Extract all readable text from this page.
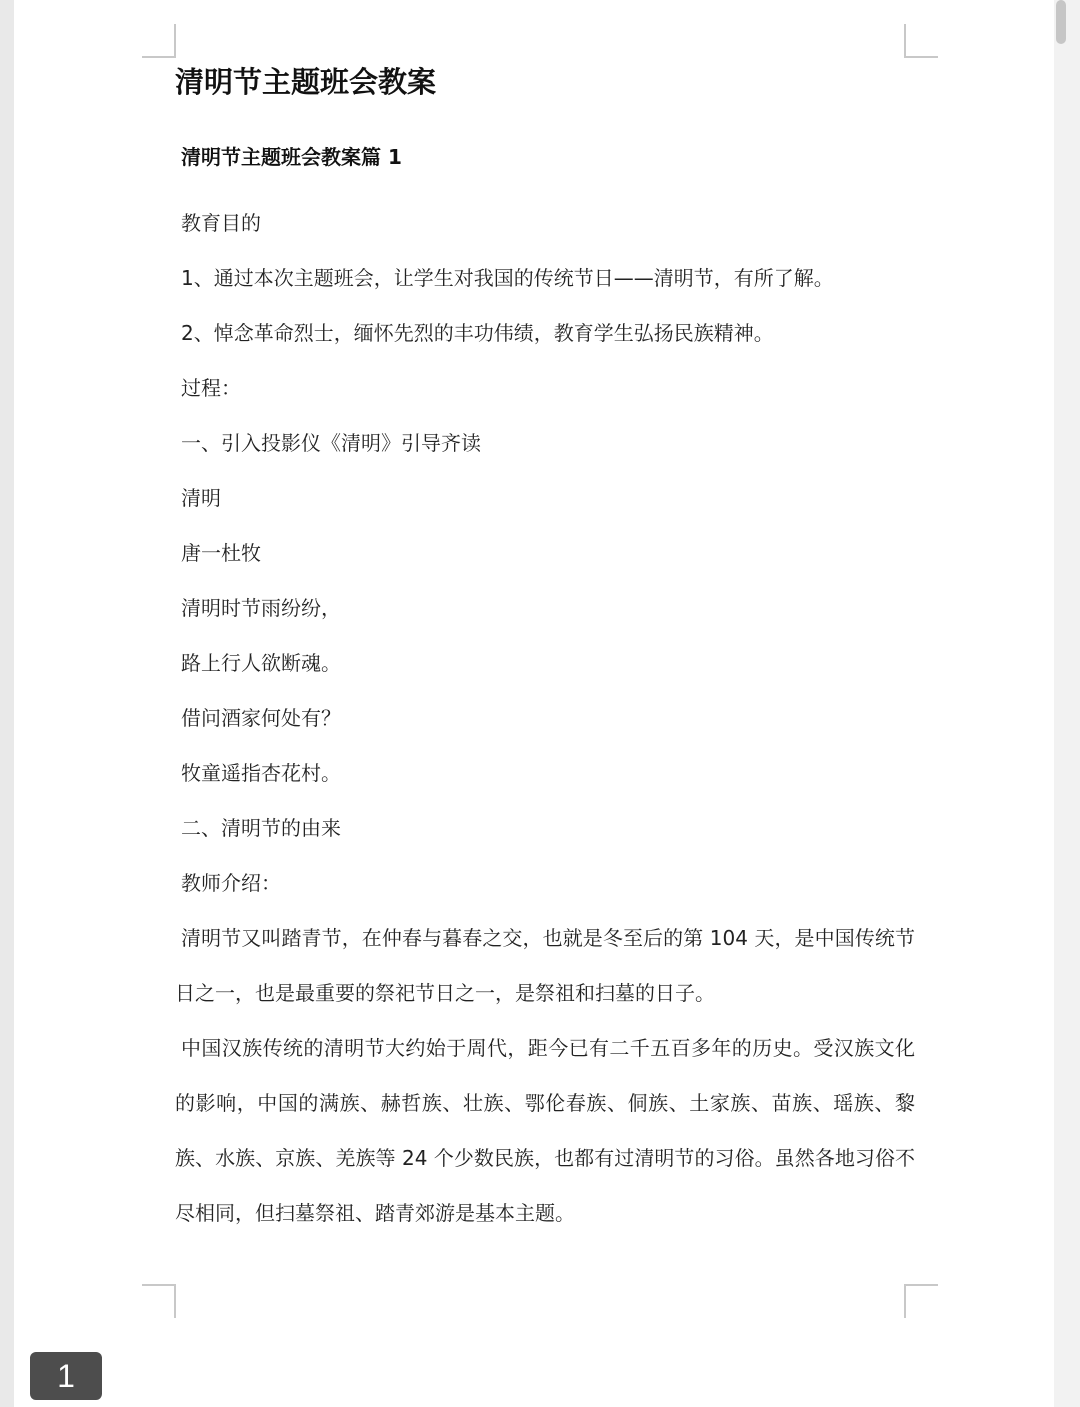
清明节主题班会教案
清明节主题班会教案篇 1

教育目的

1、通过本次主题班会，让学生对我国的传统节日——清明节，有所了解。

2、悼念革命烈士，缅怀先烈的丰功伟绩，教育学生弘扬民族精神。

过程：

一、引入投影仪《清明》引导齐读

清明

唐一杜牧

清明时节雨纷纷，

路上行人欲断魂。

借问酒家何处有？

牧童遥指杏花村。

二、清明节的由来

教师介绍：

清明节又叫踏青节，在仲春与暮春之交，也就是冬至后的第 104 天，是中国传统节日之一，也是最重要的祭祀节日之一，是祭祖和扫墓的日子。

中国汉族传统的清明节大约始于周代，距今已有二千五百多年的历史。受汉族文化的影响，中国的满族、赫哲族、壮族、鄂伦春族、侗族、土家族、苗族、瑶族、黎族、水族、京族、羌族等 24 个少数民族，也都有过清明节的习俗。虽然各地习俗不尽相同，但扫墓祭祖、踏青郊游是基本主题。

1
